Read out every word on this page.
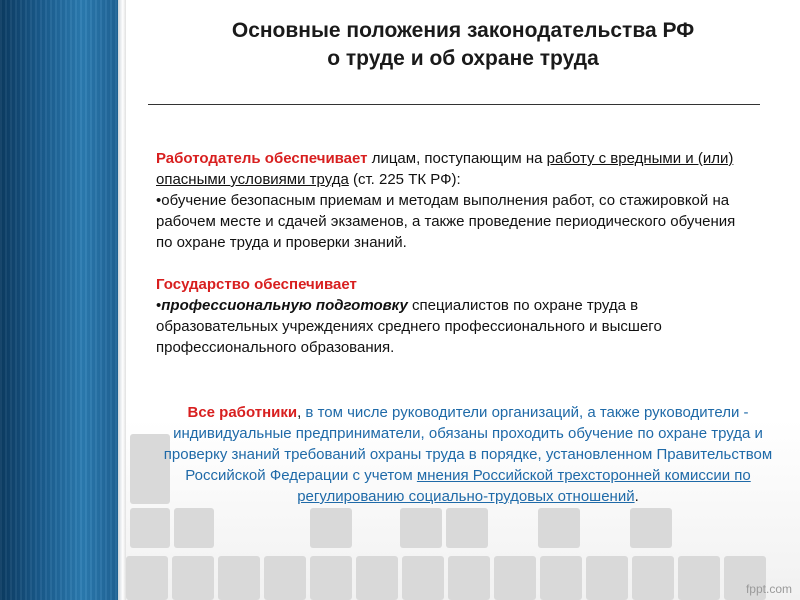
Основные положения законодательства РФ
о труде и об охране труда

Работодатель обеспечивает лицам, поступающим на работу с вредными и (или) опасными условиями труда (ст. 225 ТК РФ):

•обучение безопасным приемам и методам выполнения работ, со стажировкой на рабочем месте и сдачей экзаменов, а также проведение периодического обучения по охране труда и проверки знаний.

Государство обеспечивает

•профессиональную подготовку специалистов по охране труда в образовательных учреждениях среднего профессионального и высшего профессионального образования.

Все работники, в том числе руководители организаций, а также руководители - индивидуальные предприниматели, обязаны проходить обучение по охране труда и проверку знаний требований охраны труда в порядке, установленном Правительством Российской Федерации с учетом мнения Российской трехсторонней комиссии по регулированию социально-трудовых отношений.
fppt.com
